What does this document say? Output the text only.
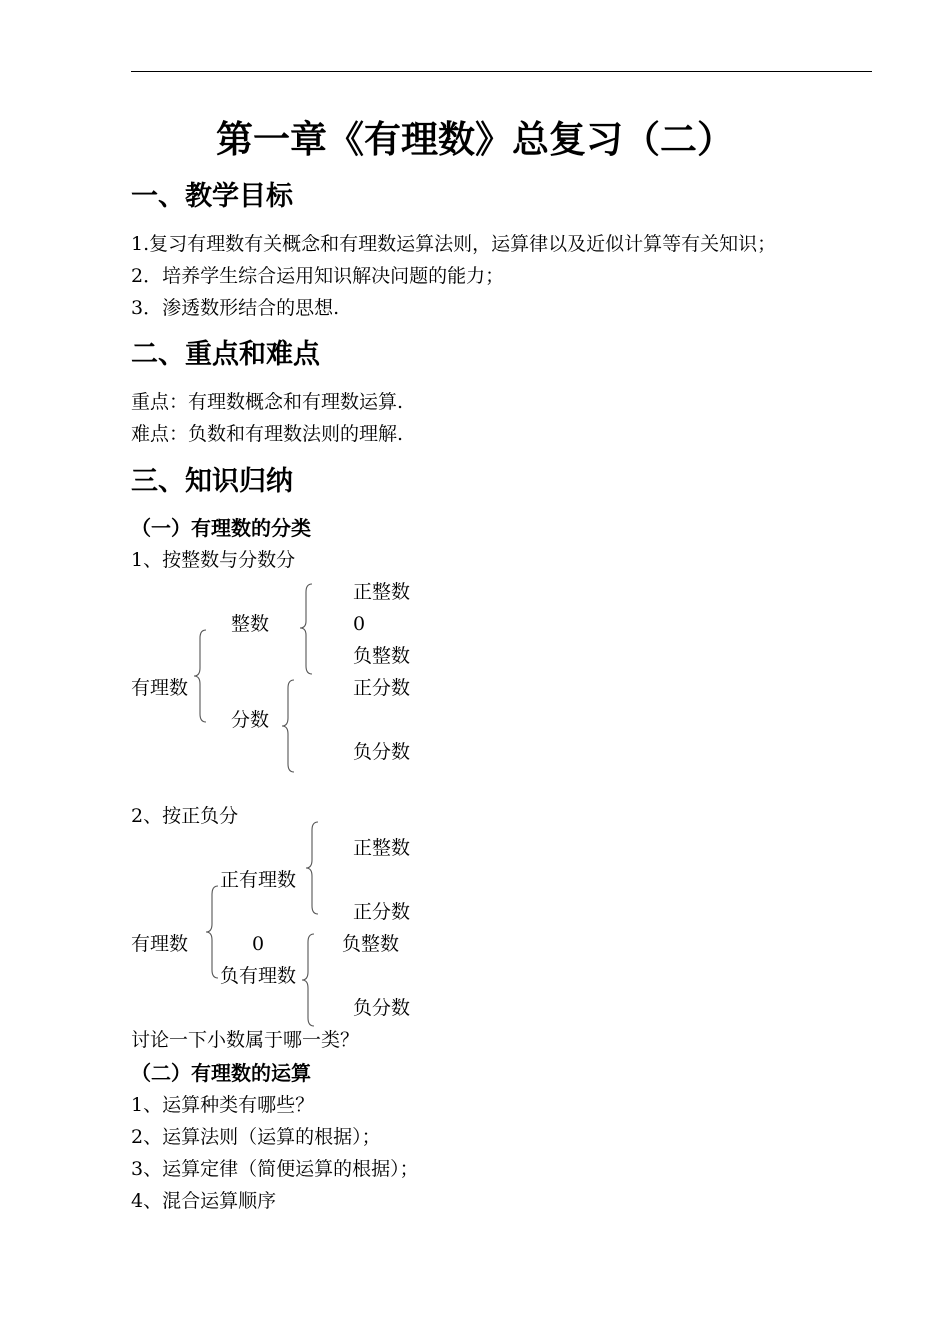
第一章《有理数》总复习（二）
一、教学目标
1.复习有理数有关概念和有理数运算法则，运算律以及近似计算等有关知识；
2．培养学生综合运用知识解决问题的能力；
3．渗透数形结合的思想.
二、重点和难点
重点：有理数概念和有理数运算.
难点：负数和有理数法则的理解.
三、知识归纳
（一）有理数的分类
1、按整数与分数分
正整数
整数	0
负整数
有理数	正分数
分数
负分数
2、按正负分
正整数
正有理数
正分数
有理数	0	负整数
负有理数
负分数
讨论一下小数属于哪一类？
（二）有理数的运算
1、运算种类有哪些？
2、运算法则（运算的根据）；
3、运算定律（简便运算的根据）；
4、混合运算顺序
